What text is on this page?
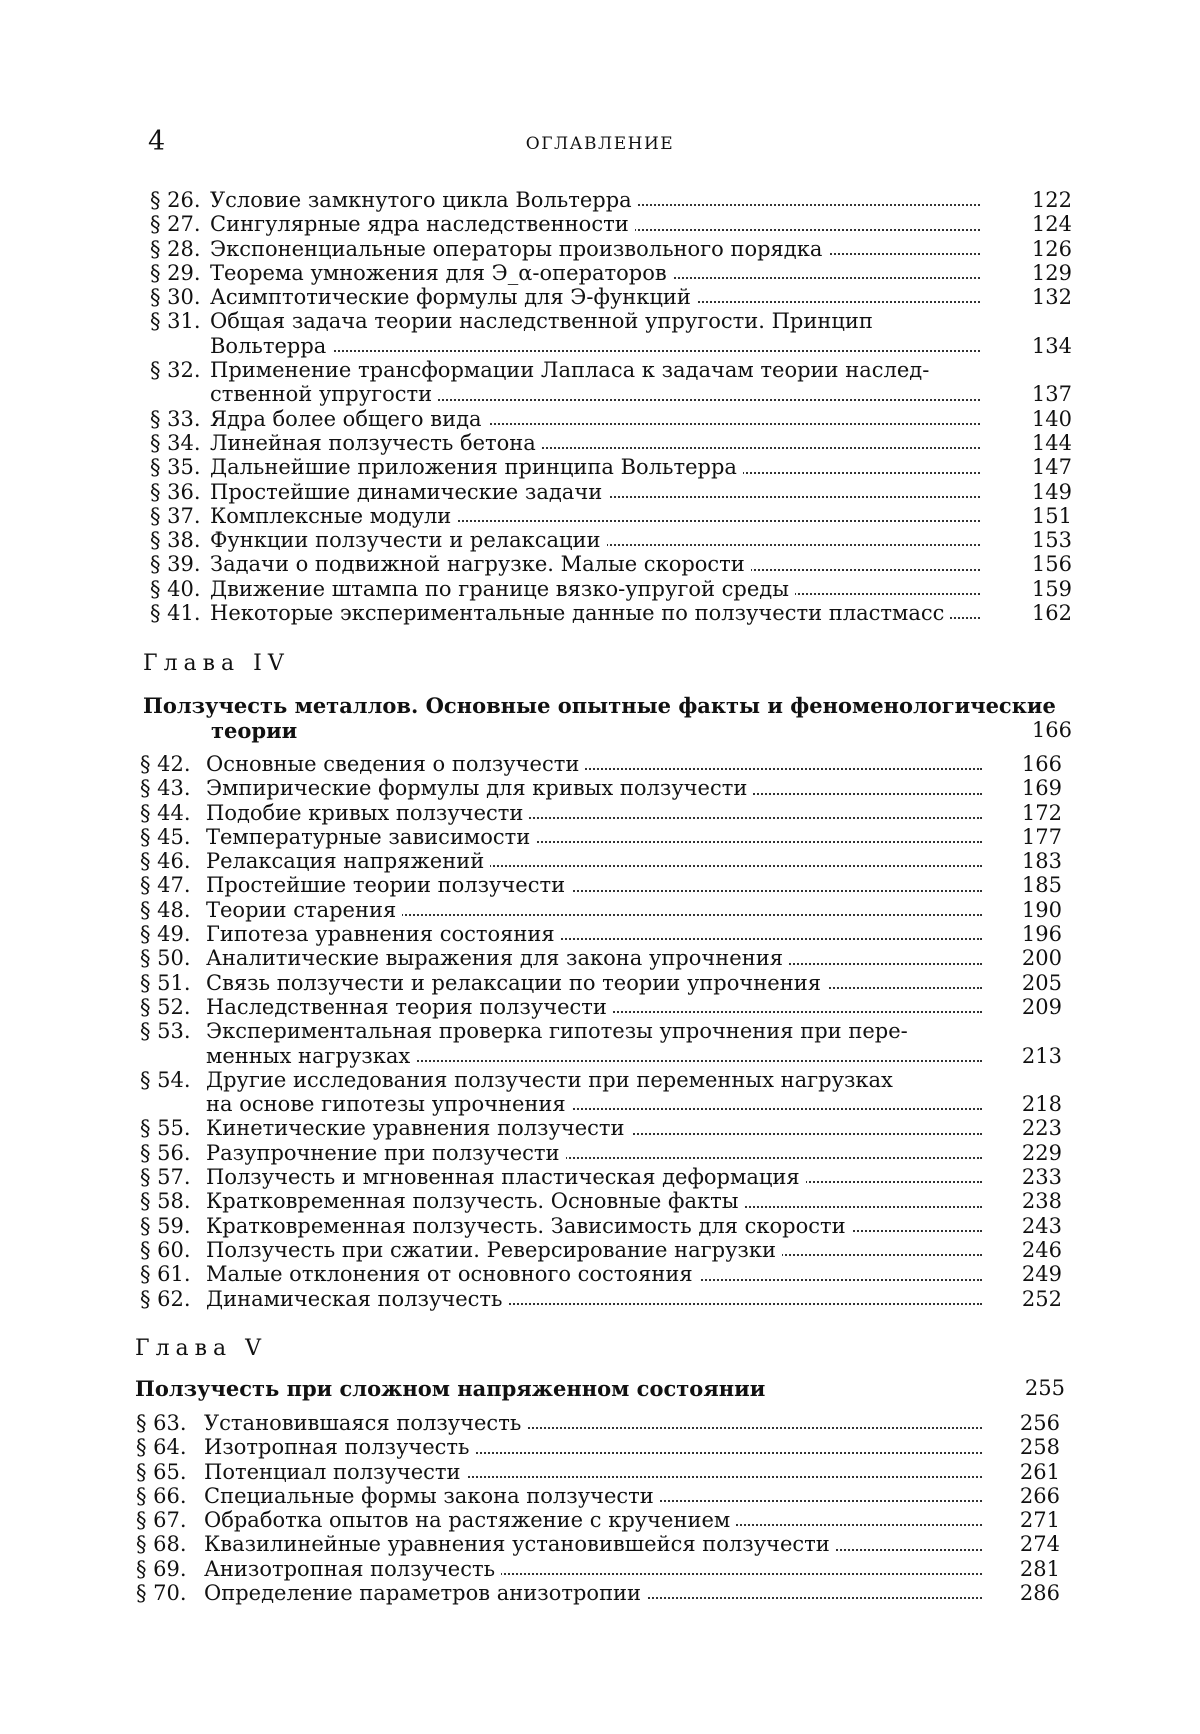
4	ОГЛАВЛЕНИЕ
§ 26. Условие замкнутого цикла Вольтерра	122
§ 27. Сингулярные ядра наследственности	124
§ 28. Экспоненциальные операторы произвольного порядка	126
§ 29. Теорема умножения для Э_α-операторов	129
§ 30. Асимптотические формулы для Э-функций	132
§ 31. Общая задача теории наследственной упругости. Принцип
Вольтерра	134
§ 32. Применение трансформации Лапласа к задачам теории наслед-
ственной упругости	137
§ 33. Ядра более общего вида	140
§ 34. Линейная ползучесть бетона	144
§ 35. Дальнейшие приложения принципа Вольтерра	147
§ 36. Простейшие динамические задачи	149
§ 37. Комплексные модули	151
§ 38. Функции ползучести и релаксации	153
§ 39. Задачи о подвижной нагрузке. Малые скорости	156
§ 40. Движение штампа по границе вязко-упругой среды	159
§ 41. Некоторые экспериментальные данные по ползучести пластмасс	162
Глава IV
Ползучесть металлов. Основные опытные факты и феноменологические
теории	166
§ 42. Основные сведения о ползучести	166
§ 43. Эмпирические формулы для кривых ползучести	169
§ 44. Подобие кривых ползучести	172
§ 45. Температурные зависимости	177
§ 46. Релаксация напряжений	183
§ 47. Простейшие теории ползучести	185
§ 48. Теории старения	190
§ 49. Гипотеза уравнения состояния	196
§ 50. Аналитические выражения для закона упрочнения	200
§ 51. Связь ползучести и релаксации по теории упрочнения	205
§ 52. Наследственная теория ползучести	209
§ 53. Экспериментальная проверка гипотезы упрочнения при пере-
менных нагрузках	213
§ 54. Другие исследования ползучести при переменных нагрузках
на основе гипотезы упрочнения	218
§ 55. Кинетические уравнения ползучести	223
§ 56. Разупрочнение при ползучести	229
§ 57. Ползучесть и мгновенная пластическая деформация	233
§ 58. Кратковременная ползучесть. Основные факты	238
§ 59. Кратковременная ползучесть. Зависимость для скорости	243
§ 60. Ползучесть при сжатии. Реверсирование нагрузки	246
§ 61. Малые отклонения от основного состояния	249
§ 62. Динамическая ползучесть	252
Глава V
Ползучесть при сложном напряженном состоянии	255
§ 63. Установившаяся ползучесть	256
§ 64. Изотропная ползучесть	258
§ 65. Потенциал ползучести	261
§ 66. Специальные формы закона ползучести	266
§ 67. Обработка опытов на растяжение с кручением	271
§ 68. Квазилинейные уравнения установившейся ползучести	274
§ 69. Анизотропная ползучесть	281
§ 70. Определение параметров анизотропии	286
